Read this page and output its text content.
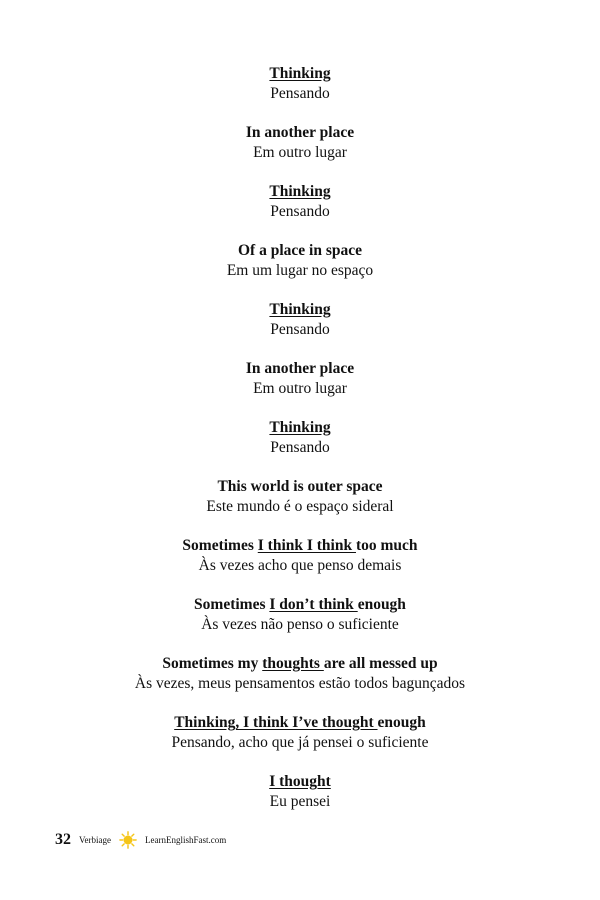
Thinking
Pensando
In another place
Em outro lugar
Thinking
Pensando
Of a place in space
Em um lugar no espaço
Thinking
Pensando
In another place
Em outro lugar
Thinking
Pensando
This world is outer space
Este mundo é o espaço sideral
Sometimes I think I think too much
Às vezes acho que penso demais
Sometimes I don’t think enough
Às vezes não penso o suficiente
Sometimes my thoughts are all messed up
Às vezes, meus pensamentos estão todos bagunçados
Thinking, I think I’ve thought enough
Pensando, acho que já pensei o suficiente
I thought
Eu pensei
32 Verbiage	LearnEnglishFast.com
